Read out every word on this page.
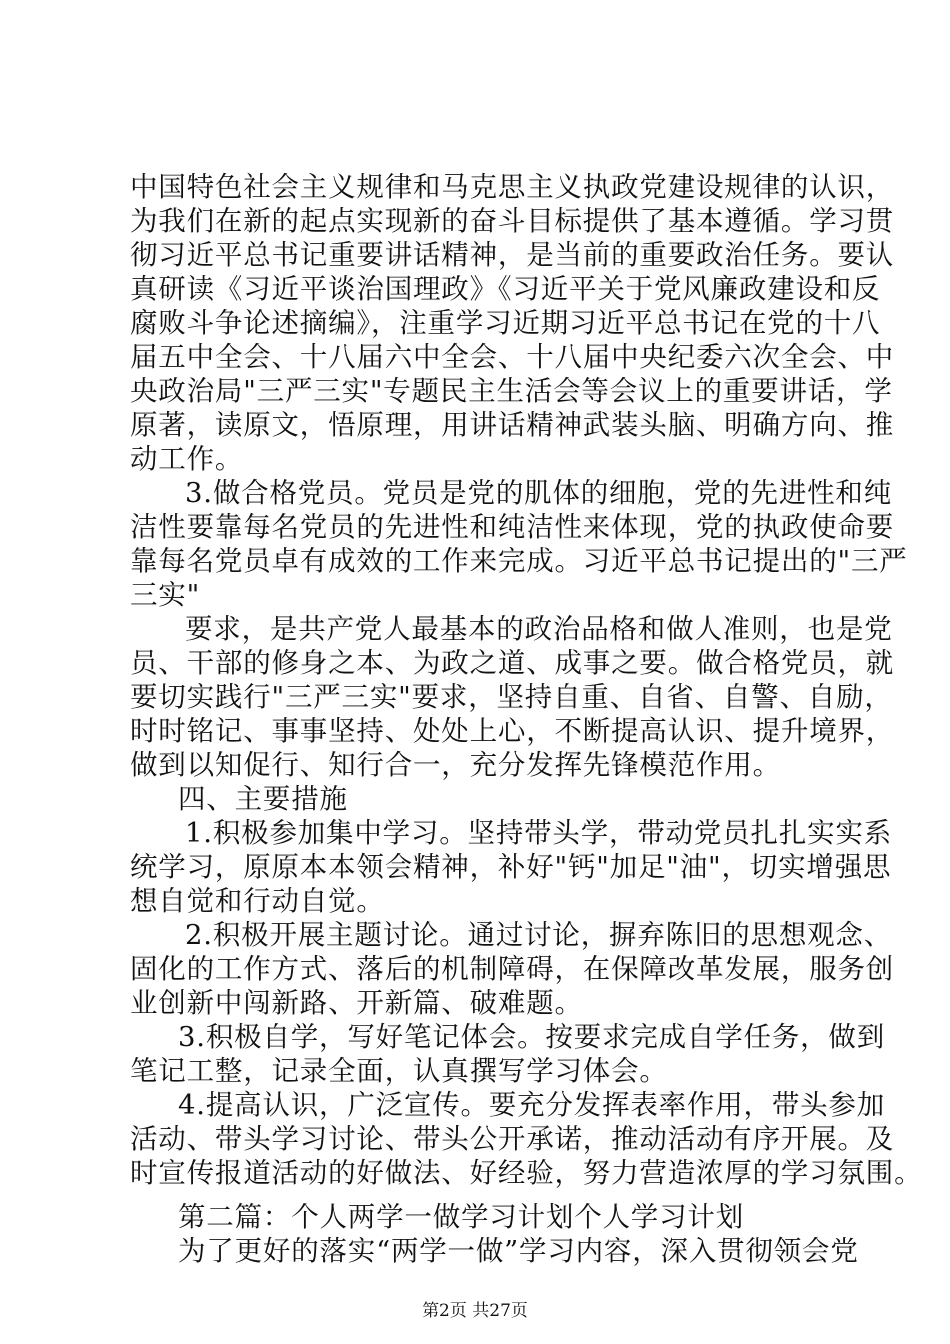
中国特色社会主义规律和马克思主义执政党建设规律的认识，
为我们在新的起点实现新的奋斗目标提供了基本遵循。学习贯
彻习近平总书记重要讲话精神，是当前的重要政治任务。要认
真研读《习近平谈治国理政》《习近平关于党风廉政建设和反
腐败斗争论述摘编》，注重学习近期习近平总书记在党的十八
届五中全会、十八届六中全会、十八届中央纪委六次全会、中
央政治局"三严三实"专题民主生活会等会议上的重要讲话，学
原著，读原文，悟原理，用讲话精神武装头脑、明确方向、推
动工作。
3.做合格党员。党员是党的肌体的细胞，党的先进性和纯
洁性要靠每名党员的先进性和纯洁性来体现，党的执政使命要
靠每名党员卓有成效的工作来完成。习近平总书记提出的"三严
三实"
要求，是共产党人最基本的政治品格和做人准则，也是党
员、干部的修身之本、为政之道、成事之要。做合格党员，就
要切实践行"三严三实"要求，坚持自重、自省、自警、自励，
时时铭记、事事坚持、处处上心，不断提高认识、提升境界，
做到以知促行、知行合一，充分发挥先锋模范作用。
四、主要措施
1.积极参加集中学习。坚持带头学，带动党员扎扎实实系
统学习，原原本本领会精神，补好"钙"加足"油"，切实增强思
想自觉和行动自觉。
2.积极开展主题讨论。通过讨论，摒弃陈旧的思想观念、
固化的工作方式、落后的机制障碍，在保障改革发展，服务创
业创新中闯新路、开新篇、破难题。
3.积极自学，写好笔记体会。按要求完成自学任务，做到
笔记工整，记录全面，认真撰写学习体会。
4.提高认识，广泛宣传。要充分发挥表率作用，带头参加
活动、带头学习讨论、带头公开承诺，推动活动有序开展。及
时宣传报道活动的好做法、好经验，努力营造浓厚的学习氛围。
第二篇：个人两学一做学习计划个人学习计划
为了更好的落实“两学一做”学习内容，深入贯彻领会党
第2页 共27页
